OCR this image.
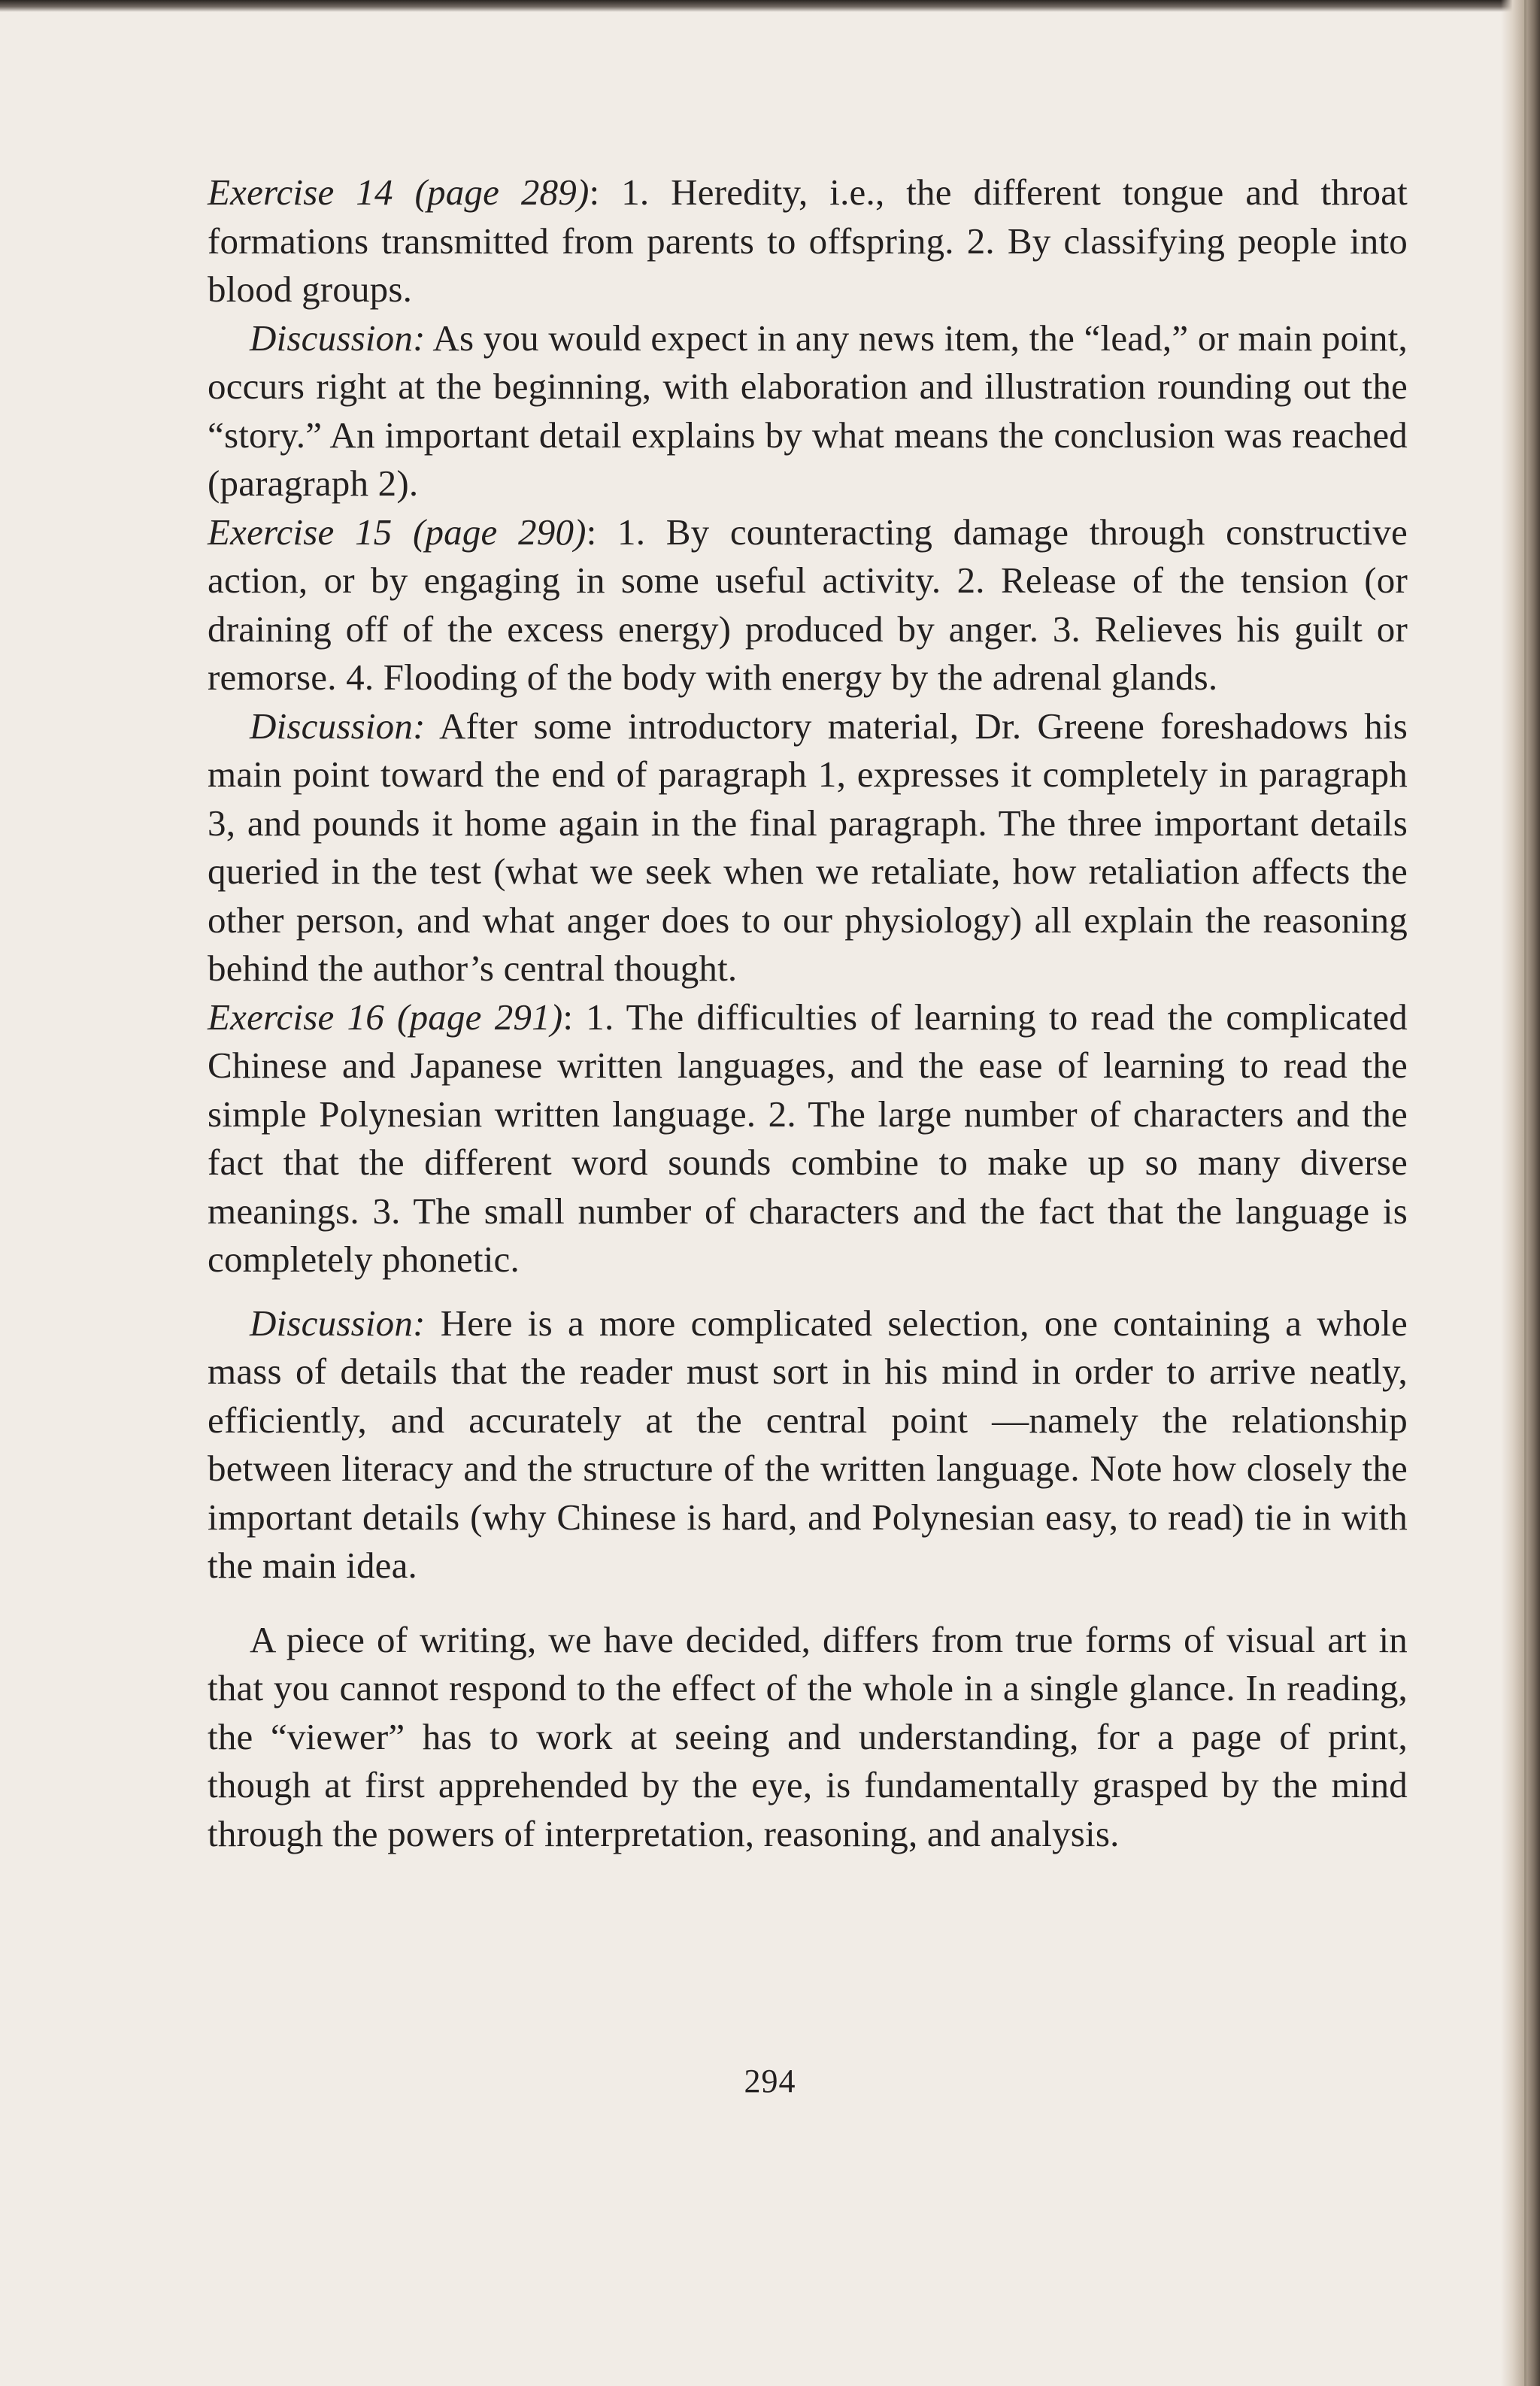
Exercise 14 (page 289): 1. Heredity, i.e., the different tongue and throat formations transmitted from parents to offspring. 2. By classifying people into blood groups.

Discussion: As you would expect in any news item, the “lead,” or main point, occurs right at the beginning, with elaboration and illustration rounding out the “story.” An important detail explains by what means the conclusion was reached (paragraph 2).

Exercise 15 (page 290): 1. By counteracting damage through constructive action, or by engaging in some useful activity. 2. Release of the tension (or draining off of the excess energy) produced by anger. 3. Relieves his guilt or remorse. 4. Flooding of the body with energy by the adrenal glands.

Discussion: After some introductory material, Dr. Greene foreshadows his main point toward the end of paragraph 1, expresses it completely in paragraph 3, and pounds it home again in the final paragraph. The three important details queried in the test (what we seek when we retaliate, how retaliation affects the other person, and what anger does to our physiology) all explain the reasoning behind the author’s central thought.

Exercise 16 (page 291): 1. The difficulties of learning to read the complicated Chinese and Japanese written languages, and the ease of learning to read the simple Polynesian written language. 2. The large number of characters and the fact that the different word sounds combine to make up so many diverse meanings. 3. The small number of characters and the fact that the language is completely phonetic.

Discussion: Here is a more complicated selection, one containing a whole mass of details that the reader must sort in his mind in order to arrive neatly, efficiently, and accurately at the central point —namely the relationship between literacy and the structure of the written language. Note how closely the important details (why Chinese is hard, and Polynesian easy, to read) tie in with the main idea.

A piece of writing, we have decided, differs from true forms of visual art in that you cannot respond to the effect of the whole in a single glance. In reading, the “viewer” has to work at seeing and understanding, for a page of print, though at first apprehended by the eye, is fundamentally grasped by the mind through the powers of interpretation, reasoning, and analysis.

294
